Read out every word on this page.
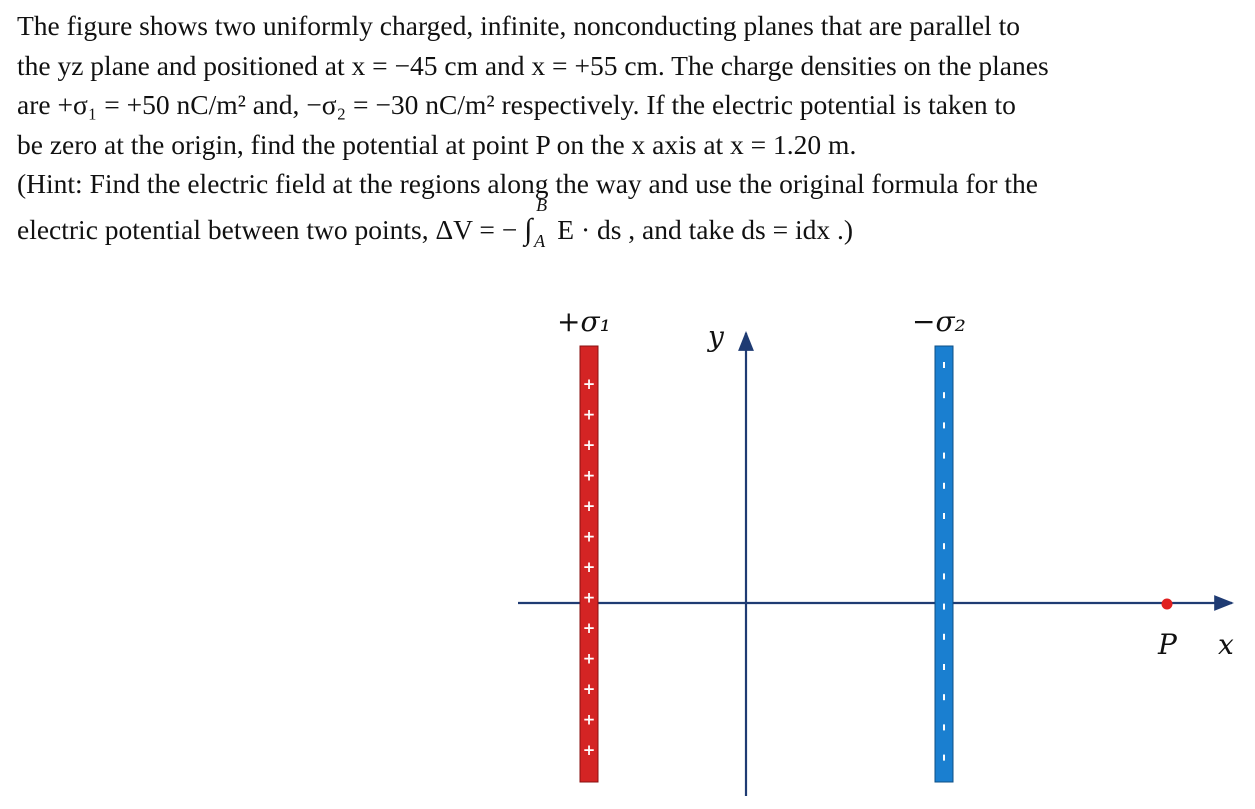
The figure shows two uniformly charged, infinite, nonconducting planes that are parallel to

the yz plane and positioned at x = −45 cm and x = +55 cm. The charge densities on the planes

are +σ₁ = +50 nC/m² and, −σ₂ = −30 nC/m² respectively. If the electric potential is taken to

be zero at the origin, find the potential at point P on the x axis at x = 1.20 m.

(Hint: Find the electric field at the regions along the way and use the original formula for the

electric potential between two points, ΔV = − ∫
B
A E · ds , and take ds = idx .)

+
+
+
+
+
+
+
+
+
+
+
+
+
+σ₁	−σ₂
y
x
P
